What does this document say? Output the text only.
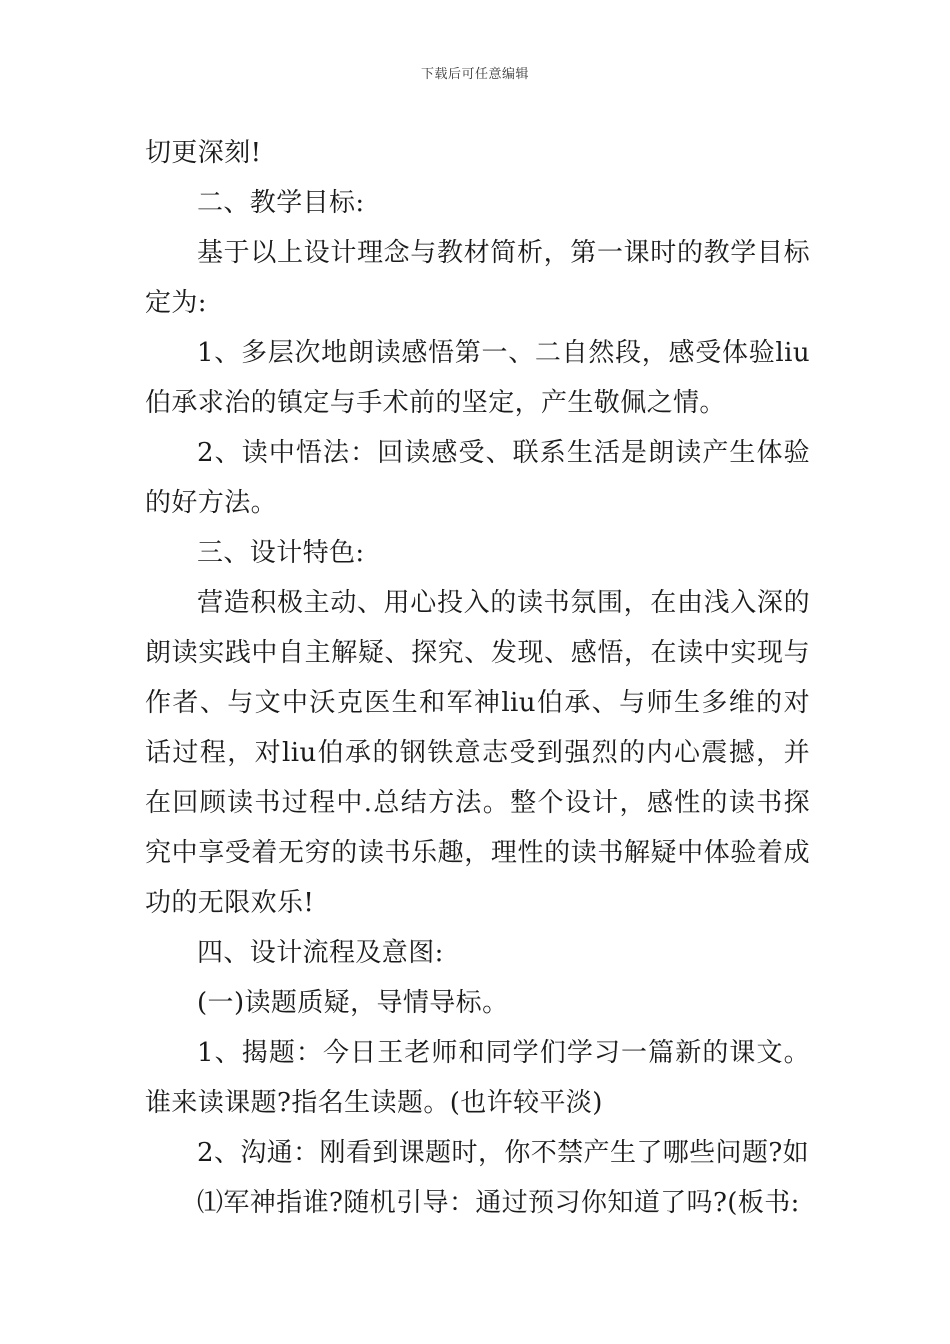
下载后可任意编辑

切更深刻!

二、教学目标:

基于以上设计理念与教材简析，第一课时的教学目标定为:

1、多层次地朗读感悟第一、二自然段，感受体验liu伯承求治的镇定与手术前的坚定，产生敬佩之情。

2、读中悟法：回读感受、联系生活是朗读产生体验的好方法。

三、设计特色:

营造积极主动、用心投入的读书氛围，在由浅入深的朗读实践中自主解疑、探究、发现、感悟，在读中实现与作者、与文中沃克医生和军神liu伯承、与师生多维的对话过程，对liu伯承的钢铁意志受到强烈的内心震撼，并在回顾读书过程中.总结方法。整个设计，感性的读书探究中享受着无穷的读书乐趣，理性的读书解疑中体验着成功的无限欢乐!

四、设计流程及意图:

(一)读题质疑，导情导标。

1、揭题：今日王老师和同学们学习一篇新的课文。谁来读课题?指名生读题。(也许较平淡)

2、沟通：刚看到课题时，你不禁产生了哪些问题?如

⑴军神指谁?随机引导：通过预习你知道了吗?(板书:
